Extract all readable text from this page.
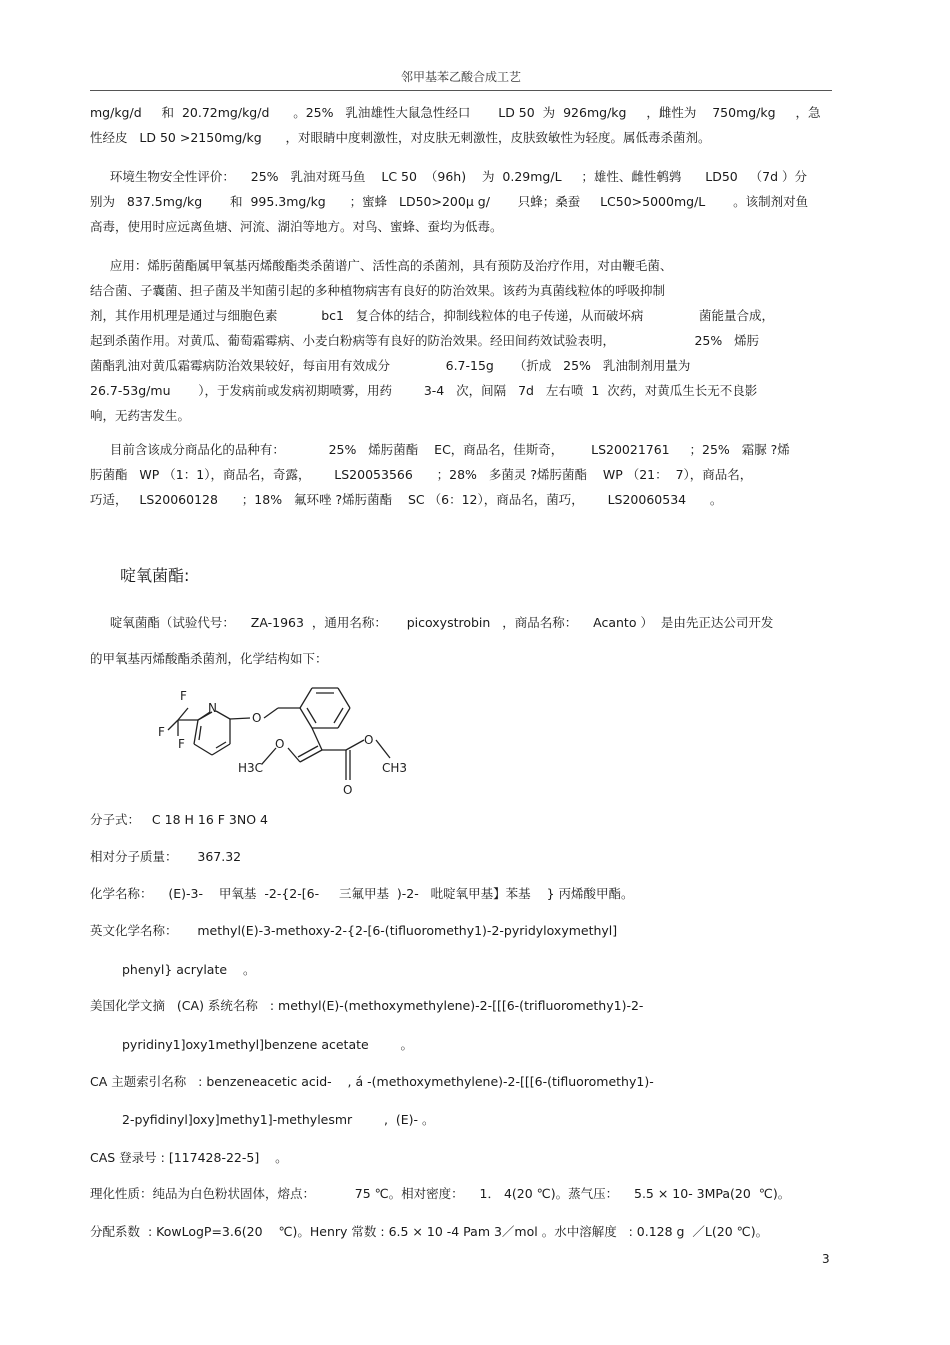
邻甲基苯乙酸合成工艺
mg/kg/d     和  20.72mg/kg/d      。25%   乳油雄性大鼠急性经口       LD 50  为  926mg/kg     ，雌性为    750mg/kg     ，急
性经皮   LD 50 >2150mg/kg      ，对眼睛中度刺激性，对皮肤无刺激性，皮肤致敏性为轻度。属低毒杀菌剂。
环境生物安全性评价：    25%   乳油对斑马鱼    LC 50  （96h)    为  0.29mg/L     ；雄性、雌性鹌鹑      LD50   （7d ）分
别为   837.5mg/kg       和  995.3mg/kg      ；蜜蜂   LD50>200μ g/       只蜂；桑蚕     LC50>5000mg/L       。该制剂对鱼
高毒，使用时应远离鱼塘、河流、湖泊等地方。对鸟、蜜蜂、蚕均为低毒。
应用：烯肟菌酯属甲氧基丙烯酸酯类杀菌谱广、活性高的杀菌剂，具有预防及治疗作用，对由鞭毛菌、
结合菌、子囊菌、担子菌及半知菌引起的多种植物病害有良好的防治效果。该药为真菌线粒体的呼吸抑制
剂，其作用机理是通过与细胞色素           bc1   复合体的结合，抑制线粒体的电子传递，从而破坏病              菌能量合成，
起到杀菌作用。对黄瓜、葡萄霜霉病、小麦白粉病等有良好的防治效果。经田间药效试验表明，                    25%   烯肟
菌酯乳油对黄瓜霜霉病防治效果较好，每亩用有效成分              6.7-15g     （折成   25%   乳油制剂用量为
26.7-53g/mu       ），于发病前或发病初期喷雾，用药        3-4   次，间隔   7d   左右喷  1  次药，对黄瓜生长无不良影
响，无药害发生。
目前含该成分商品化的品种有：           25%   烯肟菌酯    EC，商品名，佳斯奇，       LS20021761     ；25%   霜脲 ?烯
肟菌酯   WP （1：1），商品名，奇露，      LS20053566      ；28%   多菌灵 ?烯肟菌酯    WP （21：  7），商品名，
巧适，   LS20060128      ；18%   氟环唑 ?烯肟菌酯    SC （6：12），商品名，菌巧，      LS20060534      。
啶氧菌酯:
啶氧菌酯（试验代号：    ZA-1963  ，通用名称：     picoxystrobin   ，商品名称：    Acanto ）  是由先正达公司开发
的甲氧基丙烯酸酯杀菌剂，化学结构如下：
F
F
F
N
O
O
O
O
H3C	CH3

分子式：   C 18 H 16 F 3NO 4

相对分子质量：     367.32

化学名称：    (E)-3-    甲氧基  -2-{2-[6-     三氟甲基  )-2-   吡啶氧甲基】苯基    } 丙烯酸甲酯。

英文化学名称：     methyl(E)-3-methoxy-2-{2-[6-(tifluoromethy1)-2-pyridyloxymethyl]

phenyl} acrylate    。

美国化学文摘   (CA) 系统名称   : methyl(E)-(methoxymethylene)-2-[[[6-(trifluoromethy1)-2-

pyridiny1]oxy1methyl]benzene acetate        。

CA 主题索引名称   : benzeneacetic acid-    , á -(methoxymethylene)-2-[[[6-(tifluoromethy1)-

2-pyfidinyl]oxy]methy1]-methylesmr        ,  (E)- 。

CAS 登录号 : [117428-22-5]    。

理化性质：纯品为白色粉状固体，熔点：          75 ℃。相对密度：    1． 4(20 ℃)。蒸气压：    5.5 × 10- 3MPa(20  ℃)。

分配系数  : KowLogP=3.6(20    ℃)。Henry 常数 : 6.5 × 10 -4 Pam 3／mol 。水中溶解度   : 0.128 g  ／L(20 ℃)。

3
